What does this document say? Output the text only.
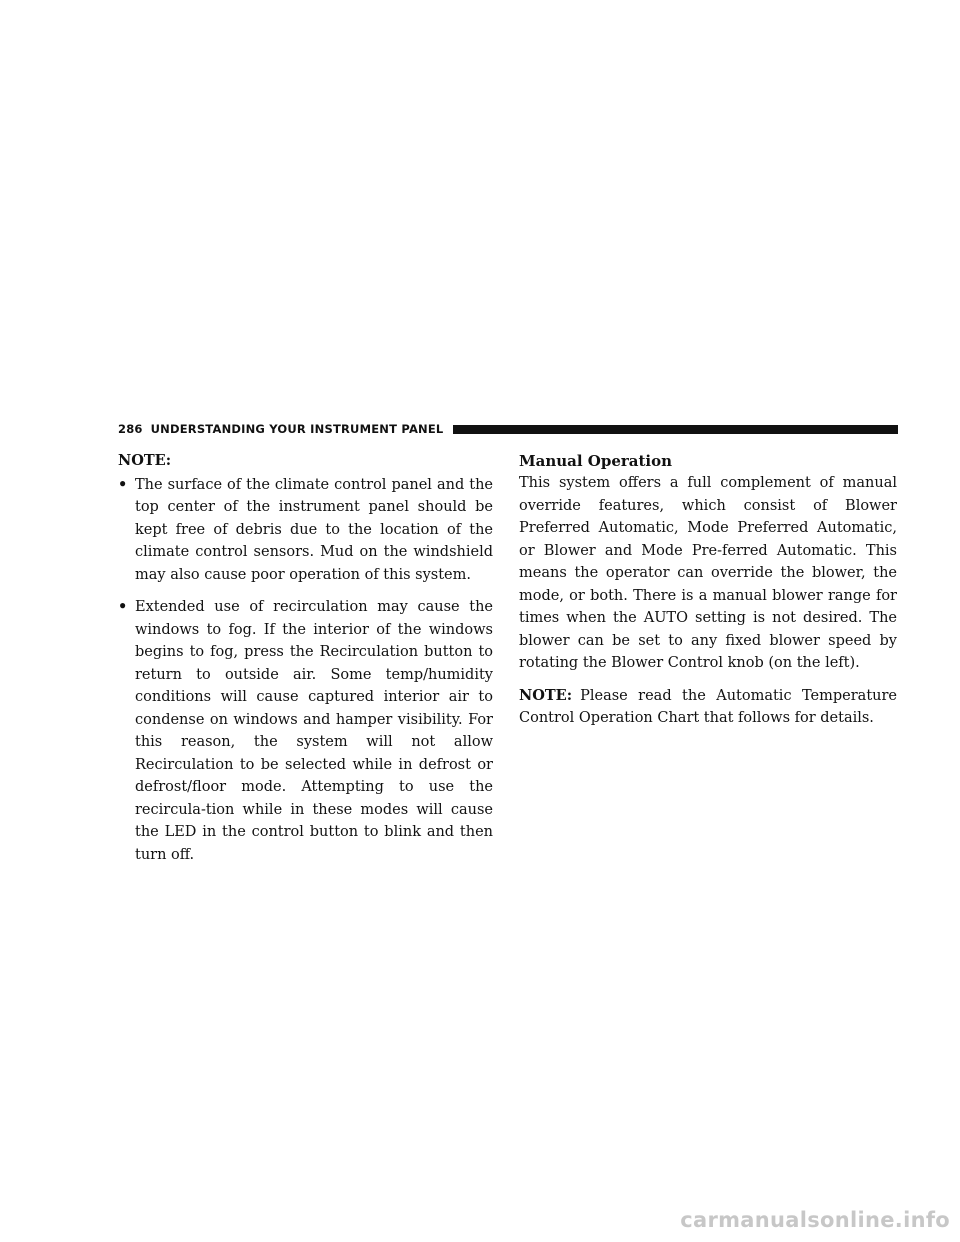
286 UNDERSTANDING YOUR INSTRUMENT PANEL
NOTE:
• The surface of the climate control panel and the top center of the instrument panel should be kept free of debris due to the location of the climate control sensors. Mud on the windshield may also cause poor operation of this system.
• Extended use of recirculation may cause the windows to fog. If the interior of the windows begins to fog, press the Recirculation button to return to outside air. Some temp/humidity conditions will cause captured interior air to condense on windows and hamper visibility. For this reason, the system will not allow Recirculation to be selected while in defrost or defrost/floor mode. Attempting to use the recircula-tion while in these modes will cause the LED in the control button to blink and then turn off.
Manual Operation

This system offers a full complement of manual override features, which consist of Blower Preferred Automatic, Mode Preferred Automatic, or Blower and Mode Pre-ferred Automatic. This means the operator can override the blower, the mode, or both. There is a manual blower range for times when the AUTO setting is not desired. The blower can be set to any fixed blower speed by rotating the Blower Control knob (on the left).

NOTE: Please read the Automatic Temperature Control Operation Chart that follows for details.

carmanualsonline.info
